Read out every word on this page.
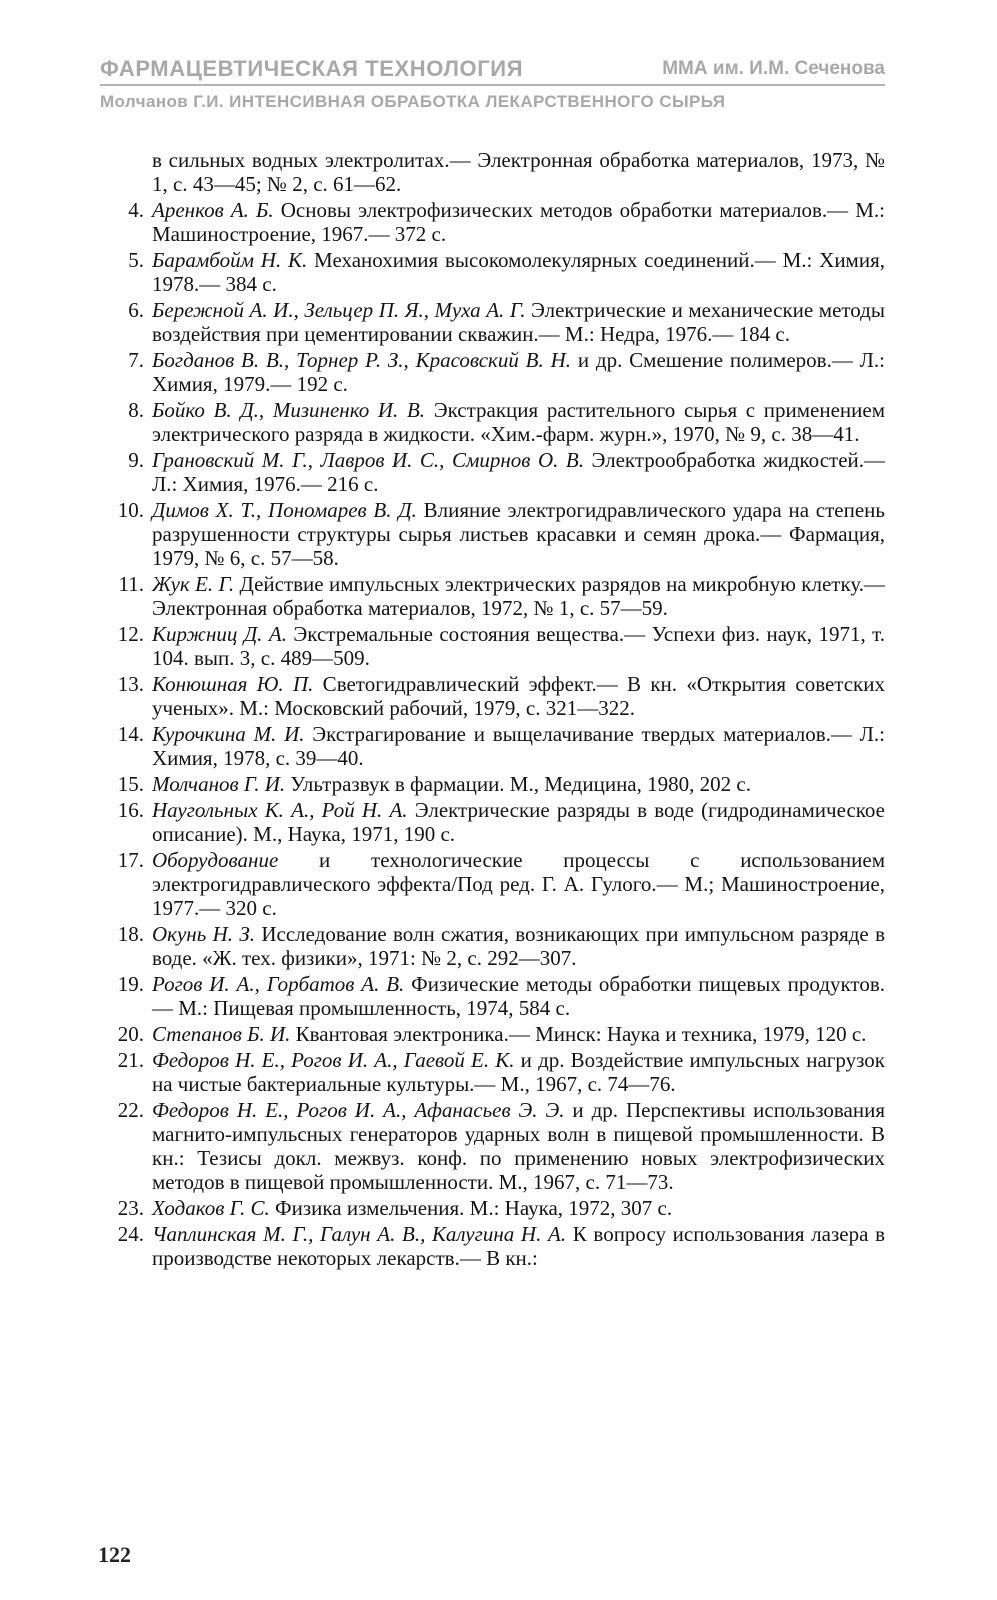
ФАРМАЦЕВТИЧЕСКАЯ ТЕХНОЛОГИЯ	ММА им. И.М. Сеченова
Молчанов Г.И. ИНТЕНСИВНАЯ ОБРАБОТКА ЛЕКАРСТВЕННОГО СЫРЬЯ
в сильных водных электролитах.— Электронная обработка материалов, 1973, № 1, с. 43—45; № 2, с. 61—62.
4. Аренков А. Б. Основы электрофизических методов обработки материалов.— М.: Машиностроение, 1967.— 372 с.
5. Барамбойм Н. К. Механохимия высокомолекулярных соединений.— М.: Химия, 1978.— 384 с.
6. Бережной А. И., Зельцер П. Я., Муха А. Г. Электрические и механические методы воздействия при цементировании скважин.— М.: Недра, 1976.— 184 с.
7. Богданов В. В., Торнер Р. З., Красовский В. Н. и др. Смешение полимеров.— Л.: Химия, 1979.— 192 с.
8. Бойко В. Д., Мизиненко И. В. Экстракция растительного сырья с применением электрического разряда в жидкости. «Хим.-фарм. журн.», 1970, № 9, с. 38—41.
9. Грановский М. Г., Лавров И. С., Смирнов О. В. Электрообработка жидкостей.— Л.: Химия, 1976.— 216 с.
10. Димов Х. Т., Пономарев В. Д. Влияние электрогидравлического удара на степень разрушенности структуры сырья листьев красавки и семян дрока.— Фармация, 1979, № 6, с. 57—58.
11. Жук Е. Г. Действие импульсных электрических разрядов на микробную клетку.— Электронная обработка материалов, 1972, № 1, с. 57—59.
12. Киржниц Д. А. Экстремальные состояния вещества.— Успехи физ. наук, 1971, т. 104. вып. 3, с. 489—509.
13. Конюшная Ю. П. Светогидравлический эффект.— В кн. «Открытия советских ученых». М.: Московский рабочий, 1979, с. 321—322.
14. Курочкина М. И. Экстрагирование и выщелачивание твердых материалов.— Л.: Химия, 1978, с. 39—40.
15. Молчанов Г. И. Ультразвук в фармации. М., Медицина, 1980, 202 с.
16. Наугольных К. А., Рой Н. А. Электрические разряды в воде (гидродинамическое описание). М., Наука, 1971, 190 с.
17. Оборудование и технологические процессы с использованием электрогидравлического эффекта/Под ред. Г. А. Гулого.— М.; Машиностроение, 1977.— 320 с.
18. Окунь Н. З. Исследование волн сжатия, возникающих при импульсном разряде в воде. «Ж. тех. физики», 1971: № 2, с. 292—307.
19. Рогов И. А., Горбатов А. В. Физические методы обработки пищевых продуктов.— М.: Пищевая промышленность, 1974, 584 с.
20. Степанов Б. И. Квантовая электроника.— Минск: Наука и техника, 1979, 120 с.
21. Федоров Н. Е., Рогов И. А., Гаевой Е. К. и др. Воздействие импульсных нагрузок на чистые бактериальные культуры.— М., 1967, с. 74—76.
22. Федоров Н. Е., Рогов И. А., Афанасьев Э. Э. и др. Перспективы использования магнито-импульсных генераторов ударных волн в пищевой промышленности. В кн.: Тезисы докл. межвуз. конф. по применению новых электрофизических методов в пищевой промышленности. М., 1967, с. 71—73.
23. Ходаков Г. С. Физика измельчения. М.: Наука, 1972, 307 с.
24. Чаплинская М. Г., Галун А. В., Калугина Н. А. К вопросу использования лазера в производстве некоторых лекарств.— В кн.:
122
